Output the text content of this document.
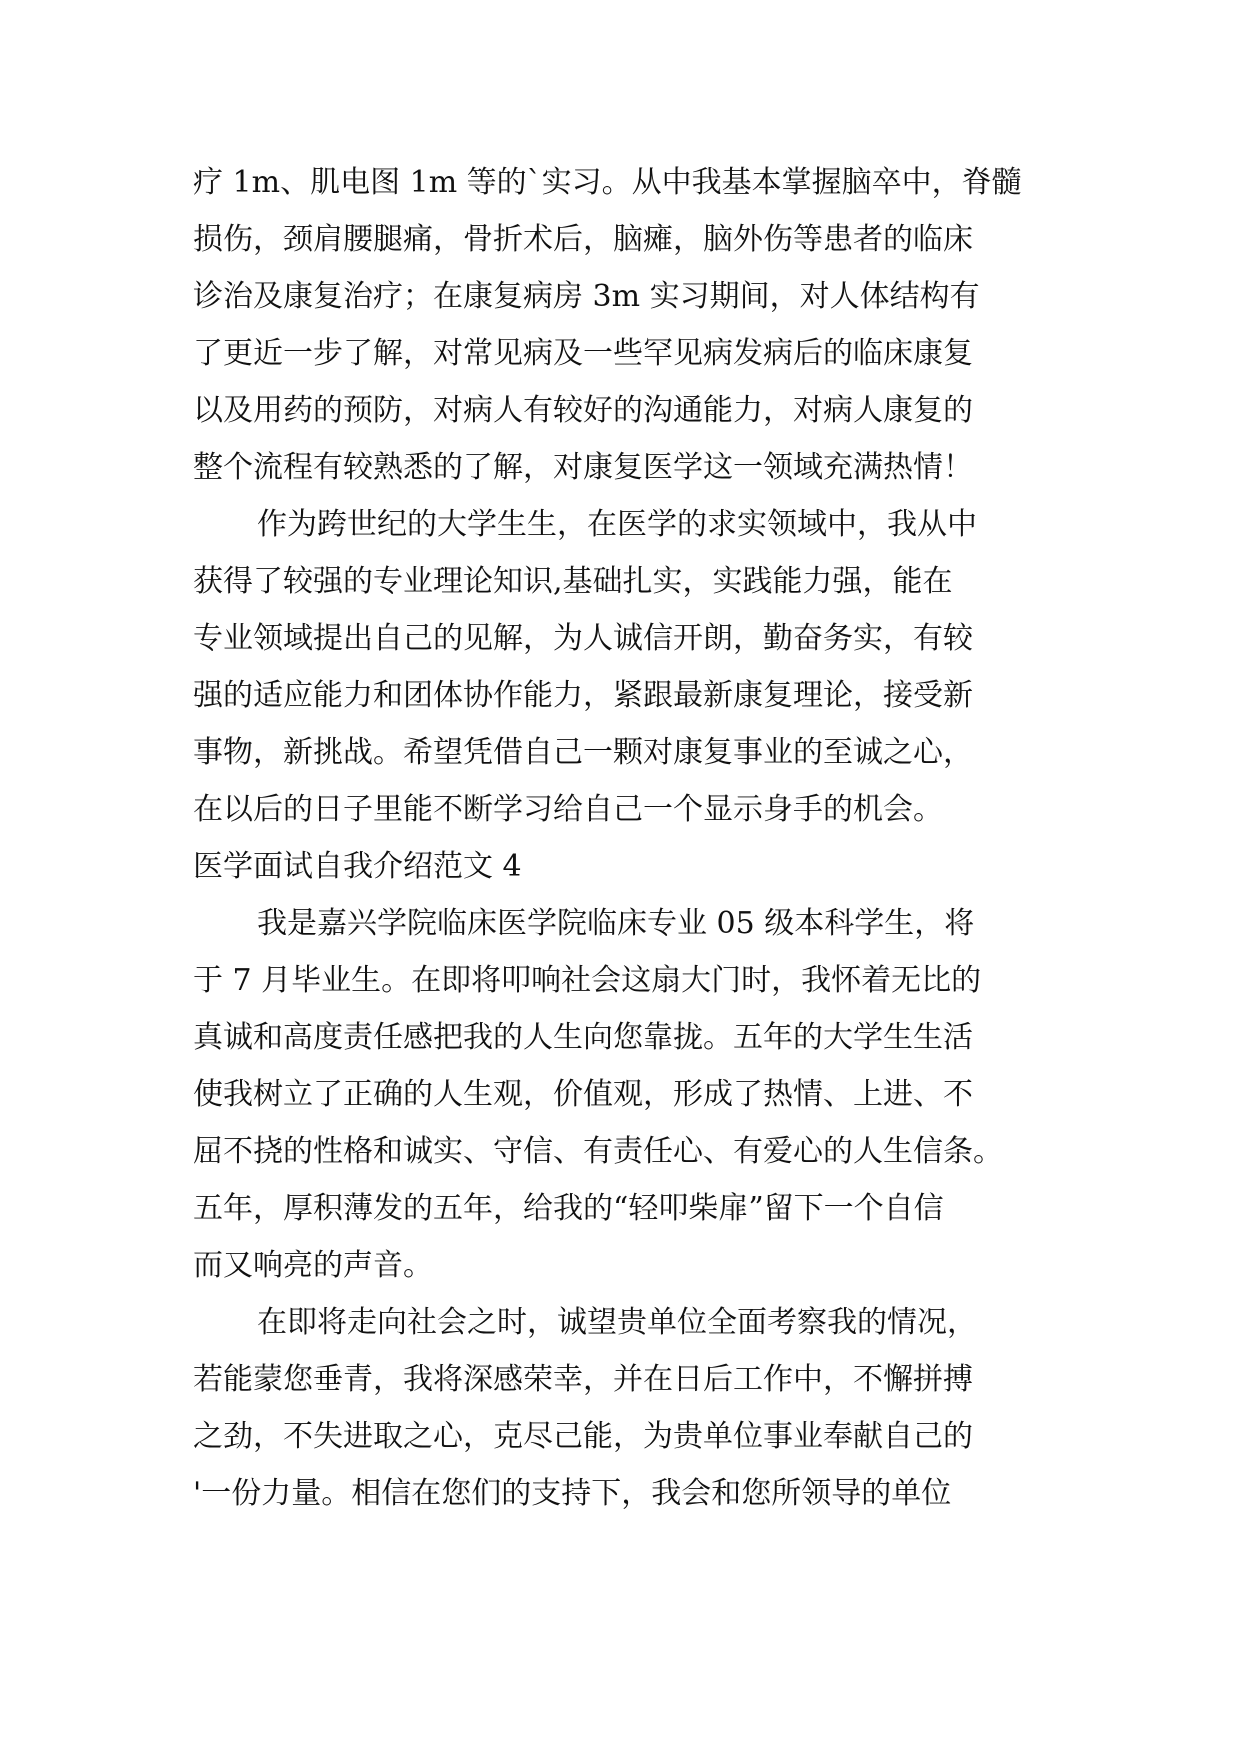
疗 1m、肌电图 1m 等的`实习。从中我基本掌握脑卒中，脊髓
损伤，颈肩腰腿痛，骨折术后，脑瘫，脑外伤等患者的临床
诊治及康复治疗；在康复病房 3m 实习期间，对人体结构有
了更近一步了解，对常见病及一些罕见病发病后的临床康复
以及用药的预防，对病人有较好的沟通能力，对病人康复的
整个流程有较熟悉的了解，对康复医学这一领域充满热情！
作为跨世纪的大学生生，在医学的求实领域中，我从中
获得了较强的专业理论知识,基础扎实，实践能力强，能在
专业领域提出自己的见解，为人诚信开朗，勤奋务实，有较
强的适应能力和团体协作能力，紧跟最新康复理论，接受新
事物，新挑战。希望凭借自己一颗对康复事业的至诚之心，
在以后的日子里能不断学习给自己一个显示身手的机会。
医学面试自我介绍范文 4
我是嘉兴学院临床医学院临床专业 05 级本科学生，将
于 7 月毕业生。在即将叩响社会这扇大门时，我怀着无比的
真诚和高度责任感把我的人生向您靠拢。五年的大学生生活
使我树立了正确的人生观，价值观，形成了热情、上进、不
屈不挠的性格和诚实、守信、有责任心、有爱心的人生信条。
五年，厚积薄发的五年，给我的“轻叩柴扉”留下一个自信
而又响亮的声音。
在即将走向社会之时，诚望贵单位全面考察我的情况，
若能蒙您垂青，我将深感荣幸，并在日后工作中，不懈拼搏
之劲，不失进取之心，克尽己能，为贵单位事业奉献自己的
'一份力量。相信在您们的支持下，我会和您所领导的单位
